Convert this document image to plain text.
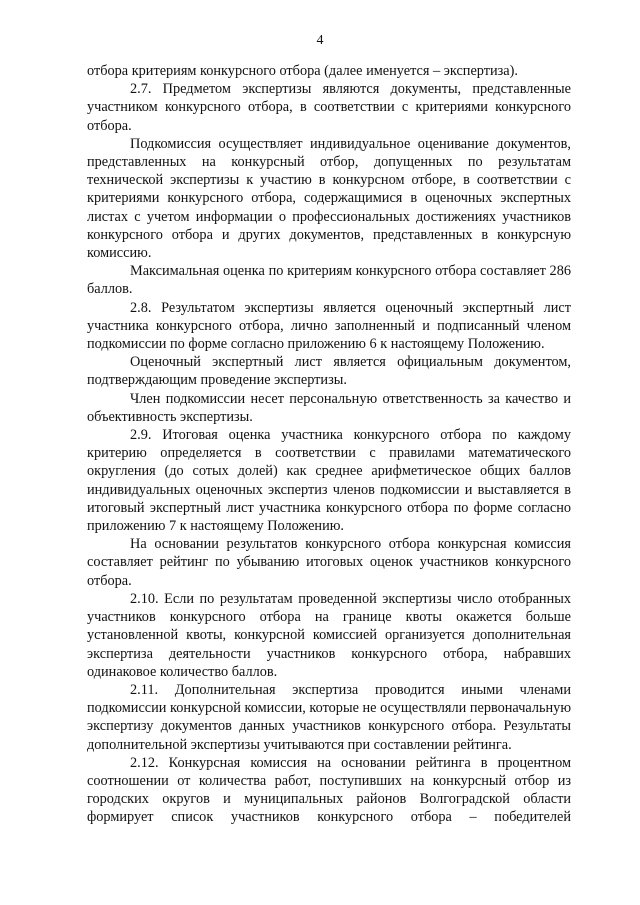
4

отбора критериям конкурсного отбора (далее именуется – экспертиза).

2.7. Предметом экспертизы являются документы, представленные участником конкурсного отбора, в соответствии с критериями конкурсного отбора.

Подкомиссия осуществляет индивидуальное оценивание документов, представленных на конкурсный отбор, допущенных по результатам технической экспертизы к участию в конкурсном отборе, в соответствии с критериями конкурсного отбора, содержащимися в оценочных экспертных листах с учетом информации о профессиональных достижениях участников конкурсного отбора и других документов, представленных в конкурсную комиссию.

Максимальная оценка по критериям конкурсного отбора составляет 286 баллов.

2.8. Результатом экспертизы является оценочный экспертный лист участника конкурсного отбора, лично заполненный и подписанный членом подкомиссии по форме согласно приложению 6 к настоящему Положению.

Оценочный экспертный лист является официальным документом, подтверждающим проведение экспертизы.

Член подкомиссии несет персональную ответственность за качество и объективность экспертизы.

2.9. Итоговая оценка участника конкурсного отбора по каждому критерию определяется в соответствии с правилами математического округления (до сотых долей) как среднее арифметическое общих баллов индивидуальных оценочных экспертиз членов подкомиссии и выставляется в итоговый экспертный лист участника конкурсного отбора по форме согласно приложению 7 к настоящему Положению.

На основании результатов конкурсного отбора конкурсная комиссия составляет рейтинг по убыванию итоговых оценок участников конкурсного отбора.

2.10. Если по результатам проведенной экспертизы число отобранных участников конкурсного отбора на границе квоты окажется больше установленной квоты, конкурсной комиссией организуется дополнительная экспертиза деятельности участников конкурсного отбора, набравших одинаковое количество баллов.

2.11. Дополнительная экспертиза проводится иными членами подкомиссии конкурсной комиссии, которые не осуществляли первоначальную экспертизу документов данных участников конкурсного отбора. Результаты дополнительной экспертизы учитываются при составлении рейтинга.

2.12. Конкурсная комиссия на основании рейтинга в процентном соотношении от количества работ, поступивших на конкурсный отбор из городских округов и муниципальных районов Волгоградской области формирует список участников конкурсного отбора – победителей
